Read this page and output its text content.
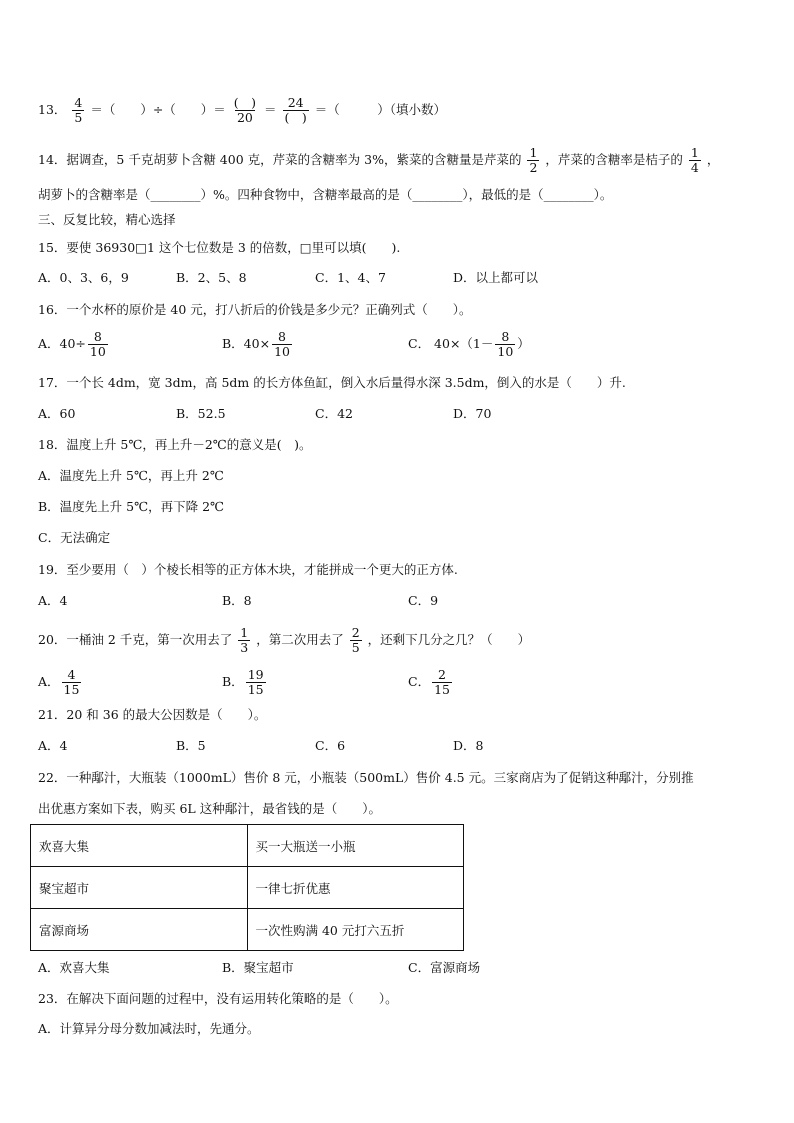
13． $\frac{4}{5}$ ＝（　　）÷（　　）＝ $\frac{( )}{20} = \frac{24}{( )}$ ＝（　　　）（填小数）
14．据调查，5 千克胡萝卜含糖 400 克，芹菜的含糖率为 3%，紫菜的含糖量是芹菜的 $\frac{1}{2}$ ，芹菜的含糖率是桔子的 $\frac{1}{4}$ ，
胡萝卜的含糖率是（________）%。四种食物中，含糖率最高的是（________），最低的是（________）。
三、反复比较，精心选择
15．要使 36930□1 这个七位数是 3 的倍数，□里可以填(　　).
A．0、3、6，9	B．2、5、8	C．1、4、7	D．以上都可以
16．一个水杯的原价是 40 元，打八折后的价钱是多少元？正确列式（　　）。
A．$40\div \frac{8}{10}$	B．$40\times \frac{8}{10}$	C． $40\times(1- \frac{8}{10}$ ）
17．一个长 4dm，宽 3dm，高 5dm 的长方体鱼缸，倒入水后量得水深 3.5dm，倒入的水是（　　）升.
A．60	B．52.5	C．42	D．70
18．温度上升 5℃，再上升－2℃的意义是(　)。
A．温度先上升 5℃，再上升 2℃
B．温度先上升 5℃，再下降 2℃
C．无法确定
19．至少要用（　）个棱长相等的正方体木块，才能拼成一个更大的正方体.
A．4	B．8	C．9
20．一桶油 2 千克，第一次用去了 $\frac{1}{3}$ ，第二次用去了 $\frac{2}{5}$ ，还剩下几分之几？（　　）
A． $\frac{4}{15}$	B． $\frac{19}{15}$	C． $\frac{2}{15}$
21．20 和 36 的最大公因数是（　　）。
A．4	B．5	C．6	D．8
22．一种鄅汁，大瓶装（1000mL）售价 8 元，小瓶装（500mL）售价 4.5 元。三家商店为了促销这种鄅汁，分别推
出优惠方案如下表，购买 6L 这种鄅汁，最省钱的是（　　）。
欢喜大集	买一大瓶送一小瓶
聚宝超市	一律七折优惠
富源商场	一次性购满 40 元打六五折
A．欢喜大集	B．聚宝超市	C．富源商场
23．在解决下面问题的过程中，没有运用转化策略的是（　　）。
A．计算异分母分数加减法时，先通分。
